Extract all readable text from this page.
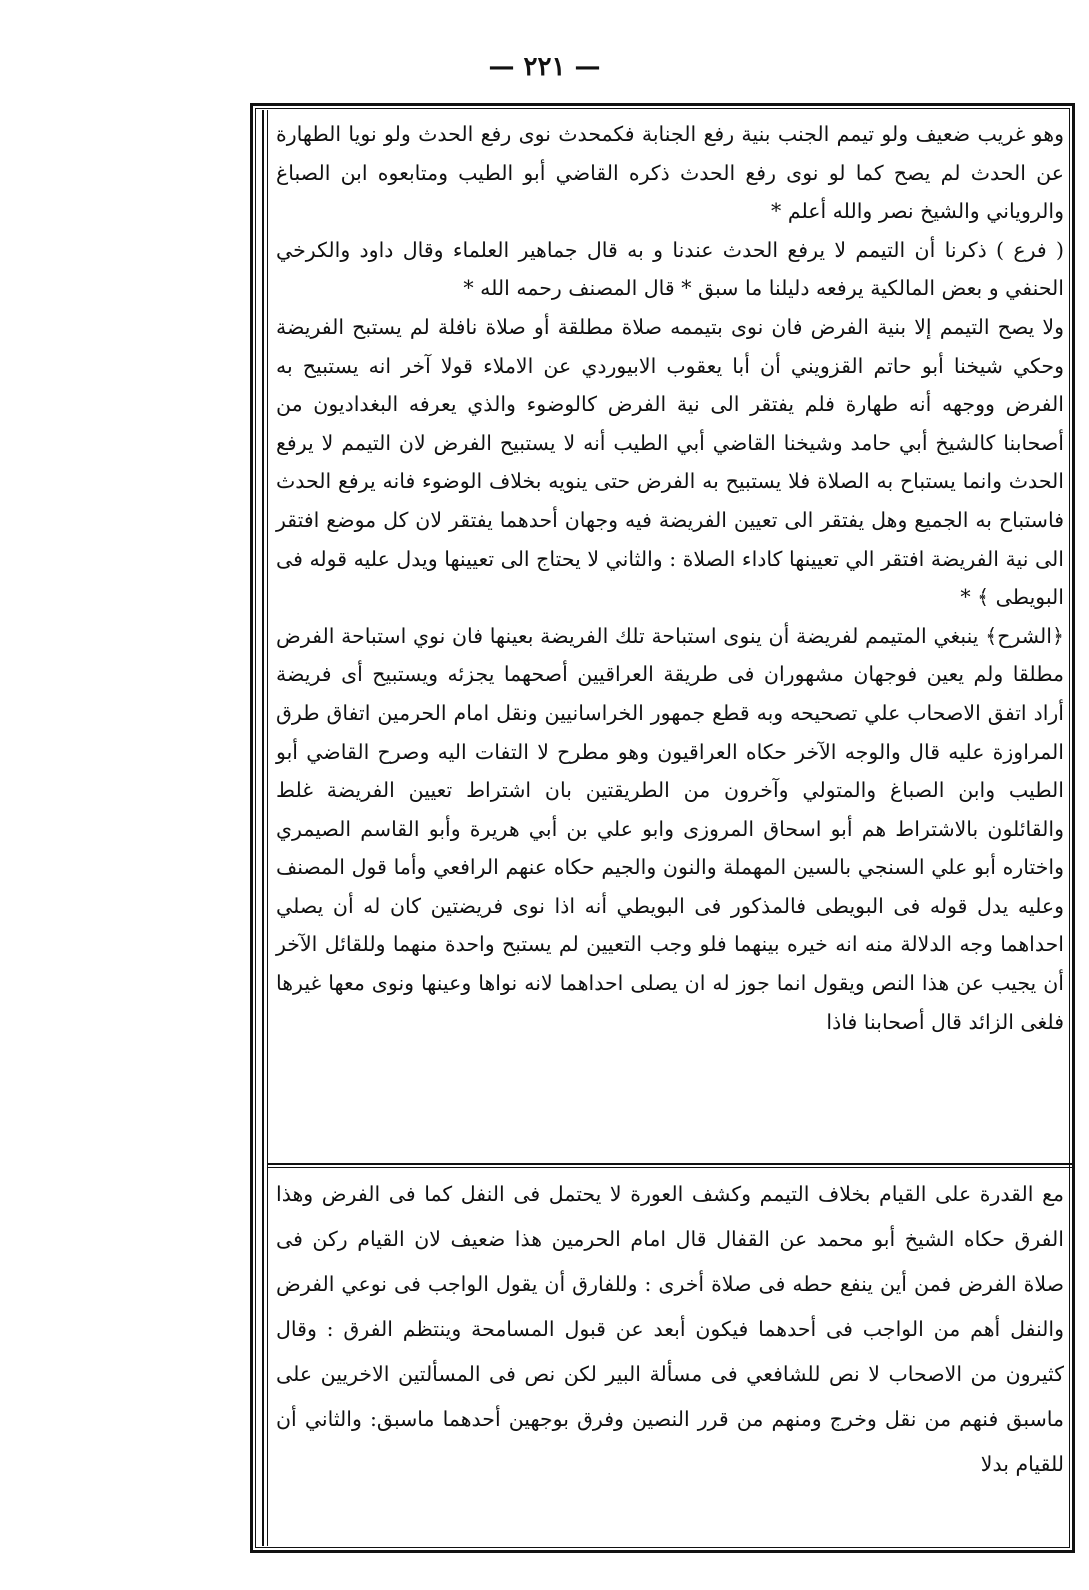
— ٢٢١ —

وهو غريب ضعيف ولو تيمم الجنب بنية رفع الجنابة فكمحدث نوى رفع الحدث ولو نويا الطهارة عن الحدث لم يصح كما لو نوى رفع الحدث ذكره القاضي أبو الطيب ومتابعوه ابن الصباغ والروياني والشيخ نصر والله أعلم *

( فرع ) ذكرنا أن التيمم لا يرفع الحدث عندنا و به قال جماهير العلماء وقال داود والكرخي الحنفي و بعض المالكية يرفعه دليلنا ما سبق * قال المصنف رحمه الله *

ولا يصح التيمم إلا بنية الفرض فان نوى بتيممه صلاة مطلقة أو صلاة نافلة لم يستبح الفريضة وحكي شيخنا أبو حاتم القزويني أن أبا يعقوب الابيوردي عن الاملاء قولا آخر انه يستبيح به الفرض ووجهه أنه طهارة فلم يفتقر الى نية الفرض كالوضوء والذي يعرفه البغداديون من أصحابنا كالشيخ أبي حامد وشيخنا القاضي أبي الطيب أنه لا يستبيح الفرض لان التيمم لا يرفع الحدث وانما يستباح به الصلاة فلا يستبيح به الفرض حتى ينويه بخلاف الوضوء فانه يرفع الحدث فاستباح به الجميع وهل يفتقر الى تعيين الفريضة فيه وجهان أحدهما يفتقر لان كل موضع افتقر الى نية الفريضة افتقر الي تعيينها كاداء الصلاة : والثاني لا يحتاج الى تعيينها ويدل عليه قوله فى البويطى ﴾ *

﴿الشرح﴾ ينبغي المتيمم لفريضة أن ينوى استباحة تلك الفريضة بعينها فان نوي استباحة الفرض مطلقا ولم يعين فوجهان مشهوران فى طريقة العراقيين أصحهما يجزئه ويستبيح أى فريضة أراد اتفق الاصحاب علي تصحيحه وبه قطع جمهور الخراسانيين ونقل امام الحرمين اتفاق طرق المراوزة عليه قال والوجه الآخر حكاه العراقيون وهو مطرح لا التفات اليه وصرح القاضي أبو الطيب وابن الصباغ والمتولي وآخرون من الطريقتين بان اشتراط تعيين الفريضة غلط والقائلون بالاشتراط هم أبو اسحاق المروزى وابو علي بن أبي هريرة وأبو القاسم الصيمري واختاره أبو علي السنجي بالسين المهملة والنون والجيم حكاه عنهم الرافعي وأما قول المصنف وعليه يدل قوله فى البويطى فالمذكور فى البويطي أنه اذا نوى فريضتين كان له أن يصلي احداهما وجه الدلالة منه انه خيره بينهما فلو وجب التعيين لم يستبح واحدة منهما وللقائل الآخر أن يجيب عن هذا النص ويقول انما جوز له ان يصلى احداهما لانه نواها وعينها ونوى معها غيرها فلغى الزائد قال أصحابنا فاذا

مع القدرة على القيام بخلاف التيمم وكشف العورة لا يحتمل فى النفل كما فى الفرض وهذا الفرق حكاه الشيخ أبو محمد عن القفال قال امام الحرمين هذا ضعيف لان القيام ركن فى صلاة الفرض فمن أين ينفع حطه فى صلاة أخرى : وللفارق أن يقول الواجب فى نوعي الفرض والنفل أهم من الواجب فى أحدهما فيكون أبعد عن قبول المسامحة وينتظم الفرق : وقال كثيرون من الاصحاب لا نص للشافعي فى مسألة البير لكن نص فى المسألتين الاخريين على ماسبق فنهم من نقل وخرج ومنهم من قرر النصين وفرق بوجهين أحدهما ماسبق: والثاني أن للقيام بدلا
